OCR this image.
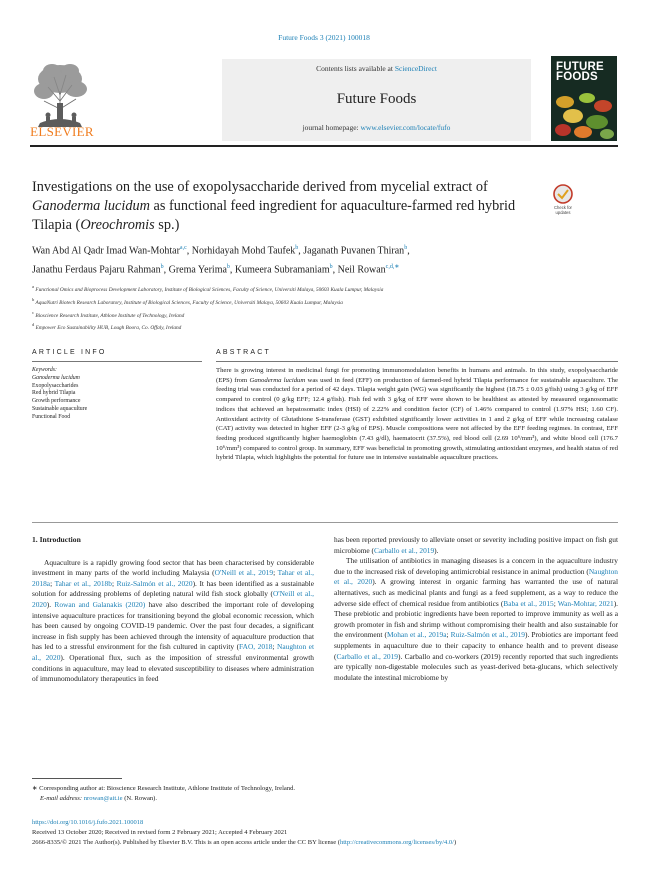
Future Foods 3 (2021) 100018
Contents lists available at ScienceDirect
Future Foods
journal homepage: www.elsevier.com/locate/fufo
ELSEVIER
FUTURE
FOODS
Investigations on the use of exopolysaccharide derived from mycelial extract of Ganoderma lucidum as functional feed ingredient for aquaculture-farmed red hybrid Tilapia (Oreochromis sp.)
Check for
updates
Wan Abd Al Qadr Imad Wan-Mohtar$^{a,c}$, Norhidayah Mohd Taufek$^b$, Jaganath Puvanen Thiran$^b$,
Janathu Ferdaus Pajaru Rahman$^b$, Grema Yerima$^b$, Kumeera Subramaniam$^b$, Neil Rowan$^{c,d,∗}$
$^a$ Functional Omics and Bioprocess Development Laboratory, Institute of Biological Sciences, Faculty of Science, Universiti Malaya, 50603 Kuala Lumpur, Malaysia
$^b$ AquaNutri Biotech Research Laboratory, Institute of Biological Sciences, Faculty of Science, Universiti Malaya, 50603 Kuala Lumpur, Malaysia
$^c$ Bioscience Research Institute, Athlone Institute of Technology, Ireland
$^d$ Empower Eco Sustainability HUB, Lough Boora, Co. Offaly, Ireland
ARTICLE INFO	ABSTRACT
Keywords:
Ganoderma lucidum
Exopolysaccharides
Red hybrid Tilapia
Growth performance
Sustainable aquaculture
Functional Food
There is growing interest in medicinal fungi for promoting immunomodulation benefits in humans and animals. In this study, exopolysaccharide (EPS) from Ganoderma lucidum was used in feed (EFF) on production of farmed-red hybrid Tilapia performance for sustainable aquaculture. The feeding trial was conducted for a period of 42 days. Tilapia weight gain (WG) was significantly the highest (18.75 ± 0.03 g/fish) using 3 g/kg of EFF compared to control (0 g/kg EFF; 12.4 g/fish). Fish fed with 3 g/kg of EFF were shown to be healthiest as attested by measured organosomatic indices that achieved an hepatosomatic index (HSI) of 2.22% and condition factor (CF) of 1.46% compared to control (1.97% HSI; 1.60 CF). Antioxidant activity of Glutathione S-transferase (GST) exhibited significantly lower activities in 1 and 2 g/kg of EFF while increasing catalase (CAT) activity was detected in higher EFF (2-3 g/kg of EPS). Muscle compositions were not affected by the EFF feeding regimes. In contrast, EFF feeding produced significantly higher haemoglobin (7.43 g/dl), haematocrit (37.5%), red blood cell (2.69 10⁶/mm³), and white blood cell (176.7 10⁶/mm³) compared to control group. In summary, EFF was beneficial in promoting growth, stimulating antioxidant enzymes, and health status of red hybrid Tilapia, which highlights the potential for future use in intensive sustainable aquaculture practices.
1. Introduction

Aquaculture is a rapidly growing food sector that has been characterised by considerable investment in many parts of the world including Malaysia (O'Neill et al., 2019; Tahar et al., 2018a; Tahar et al., 2018b; Ruiz-Salmón et al., 2020). It has been identified as a sustainable solution for addressing problems of depleting natural wild fish stock globally (O'Neill et al., 2020). Rowan and Galanakis (2020) have also described the important role of developing intensive aquaculture practices for transitioning beyond the global economic recession, which has been caused by ongoing COVID-19 pandemic. Over the past four decades, a significant increase in fish supply has been achieved through the intensity of aquaculture production that has led to a stressful environment for the fish cultured in captivity (FAO, 2018; Naughton et al., 2020). Operational flux, such as the imposition of stressful environmental growth conditions in aquaculture, may lead to elevated susceptibility to diseases where administration of immunomodulatory therapeutics in feed

has been reported previously to alleviate onset or severity including positive impact on fish gut microbiome (Carballo et al., 2019).

The utilisation of antibiotics in managing diseases is a concern in the aquaculture industry due to the increased risk of developing antimicrobial resistance in animal production (Naughton et al., 2020). A growing interest in organic farming has warranted the use of natural alternatives, such as medicinal plants and fungi as a feed supplement, as a way to reduce the adverse side effect of chemical residue from antibiotics (Baba et al., 2015; Wan-Mohtar, 2021). These prebiotic and probiotic ingredients have been reported to improve immunity as well as a growth promoter in fish and shrimp without compromising their health and also sustainable for the environment (Mohan et al., 2019a; Ruiz-Salmón et al., 2019). Probiotics are important feed supplements in aquaculture due to their capacity to enhance health and to prevent disease (Carballo et al., 2019). Carballo and co-workers (2019) recently reported that such ingredients are typically non-digestable molecules such as yeast-derived beta-glucans, which selectively modulate the intestinal microbiome by

∗ Corresponding author at: Bioscience Research Institute, Athlone Institute of Technology, Ireland.
E-mail address: nrowan@ait.ie (N. Rowan).
https://doi.org/10.1016/j.fufo.2021.100018
Received 13 October 2020; Received in revised form 2 February 2021; Accepted 4 February 2021
2666-8335/© 2021 The Author(s). Published by Elsevier B.V. This is an open access article under the CC BY license (http://creativecommons.org/licenses/by/4.0/)
